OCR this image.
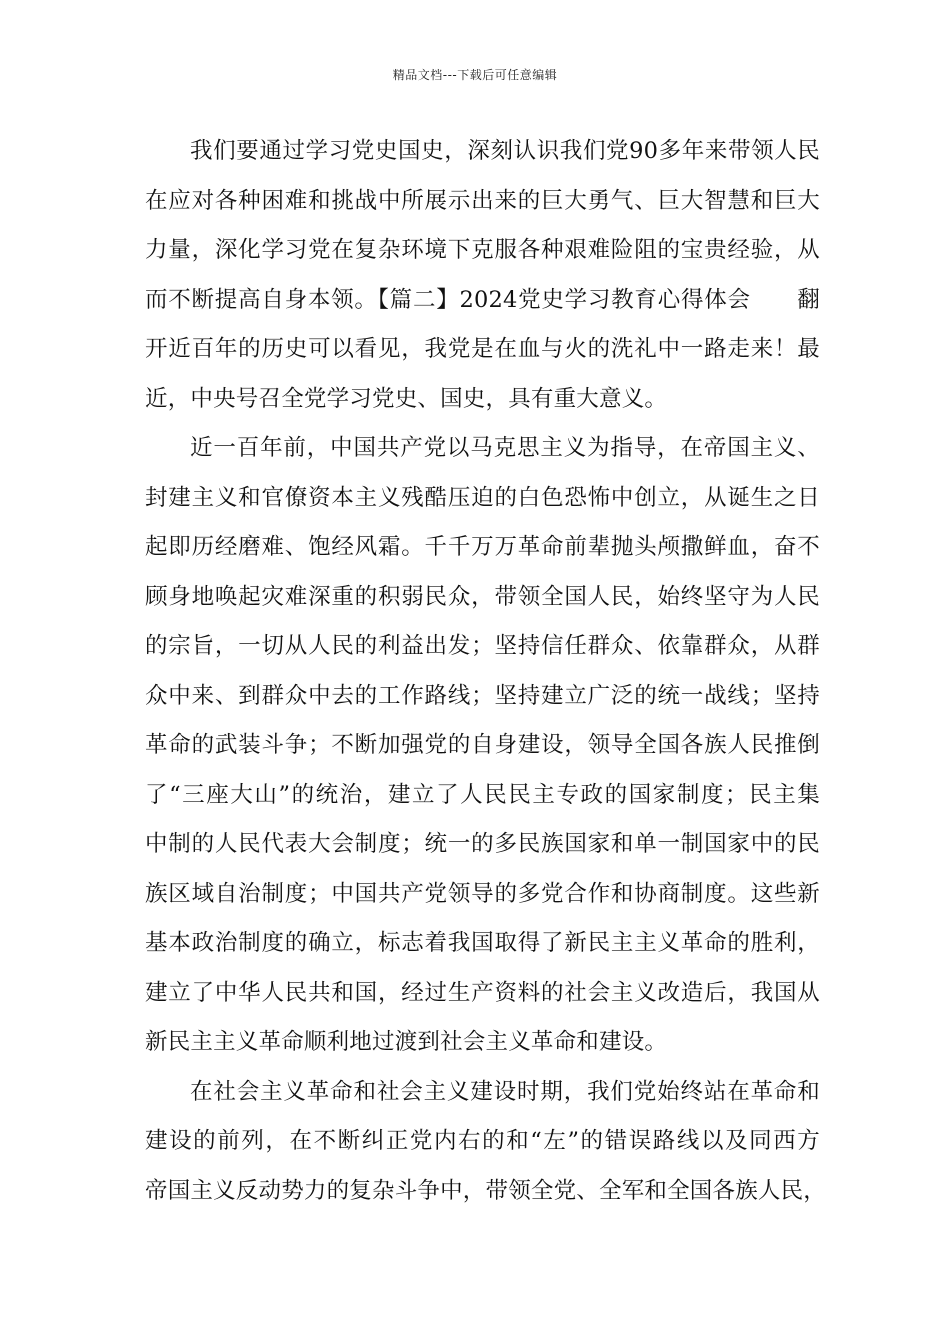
精品文档---下载后可任意编辑
我们要通过学习党史国史，深刻认识我们党90多年来带领人民
在应对各种困难和挑战中所展示出来的巨大勇气、巨大智慧和巨大
力量，深化学习党在复杂环境下克服各种艰难险阻的宝贵经验，从
而不断提高自身本领。【篇二】2024党史学习教育心得体会　　翻
开近百年的历史可以看见，我党是在血与火的洗礼中一路走来！最
近，中央号召全党学习党史、国史，具有重大意义。
近一百年前，中国共产党以马克思主义为指导，在帝国主义、
封建主义和官僚资本主义残酷压迫的白色恐怖中创立，从诞生之日
起即历经磨难、饱经风霜。千千万万革命前辈抛头颅撒鲜血，奋不
顾身地唤起灾难深重的积弱民众，带领全国人民，始终坚守为人民
的宗旨，一切从人民的利益出发；坚持信任群众、依靠群众，从群
众中来、到群众中去的工作路线；坚持建立广泛的统一战线；坚持
革命的武装斗争；不断加强党的自身建设，领导全国各族人民推倒
了“三座大山”的统治，建立了人民民主专政的国家制度；民主集
中制的人民代表大会制度；统一的多民族国家和单一制国家中的民
族区域自治制度；中国共产党领导的多党合作和协商制度。这些新
基本政治制度的确立，标志着我国取得了新民主主义革命的胜利，
建立了中华人民共和国，经过生产资料的社会主义改造后，我国从
新民主主义革命顺利地过渡到社会主义革命和建设。
在社会主义革命和社会主义建设时期，我们党始终站在革命和
建设的前列，在不断纠正党内右的和“左”的错误路线以及同西方
帝国主义反动势力的复杂斗争中，带领全党、全军和全国各族人民，
